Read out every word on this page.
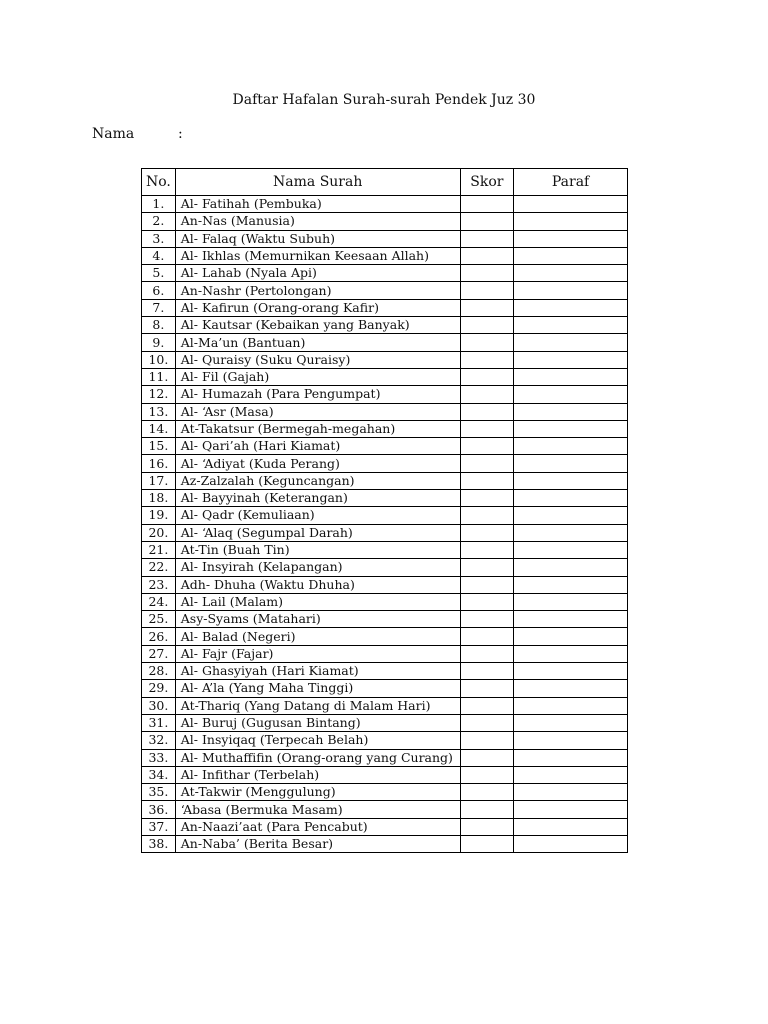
Daftar Hafalan Surah-surah Pendek Juz 30
Nama	:
No.	Nama Surah	Skor	Paraf
1.	Al- Fatihah (Pembuka)		
2.	An-Nas (Manusia)		
3.	Al- Falaq (Waktu Subuh)		
4.	Al- Ikhlas (Memurnikan Keesaan Allah)		
5.	Al- Lahab (Nyala Api)		
6.	An-Nashr (Pertolongan)		
7.	Al- Kafirun (Orang-orang Kafir)		
8.	Al- Kautsar (Kebaikan yang Banyak)		
9.	Al-Ma’un (Bantuan)		
10.	Al- Quraisy (Suku Quraisy)		
11.	Al- Fil (Gajah)		
12.	Al- Humazah (Para Pengumpat)		
13.	Al- ‘Asr (Masa)		
14.	At-Takatsur (Bermegah-megahan)		
15.	Al- Qari’ah (Hari Kiamat)		
16.	Al- ‘Adiyat (Kuda Perang)		
17.	Az-Zalzalah (Keguncangan)		
18.	Al- Bayyinah (Keterangan)		
19.	Al- Qadr (Kemuliaan)		
20.	Al- ‘Alaq (Segumpal Darah)		
21.	At-Tin (Buah Tin)		
22.	Al- Insyirah (Kelapangan)		
23.	Adh- Dhuha (Waktu Dhuha)		
24.	Al- Lail (Malam)		
25.	Asy-Syams (Matahari)		
26.	Al- Balad (Negeri)		
27.	Al- Fajr (Fajar)		
28.	Al- Ghasyiyah (Hari Kiamat)		
29.	Al- A’la (Yang Maha Tinggi)		
30.	At-Thariq (Yang Datang di Malam Hari)		
31.	Al- Buruj (Gugusan Bintang)		
32.	Al- Insyiqaq (Terpecah Belah)		
33.	Al- Muthaffifin (Orang-orang yang Curang)		
34.	Al- Infithar (Terbelah)		
35.	At-Takwir (Menggulung)		
36.	‘Abasa (Bermuka Masam)		
37.	An-Naazi’aat (Para Pencabut)		
38.	An-Naba’ (Berita Besar)		
